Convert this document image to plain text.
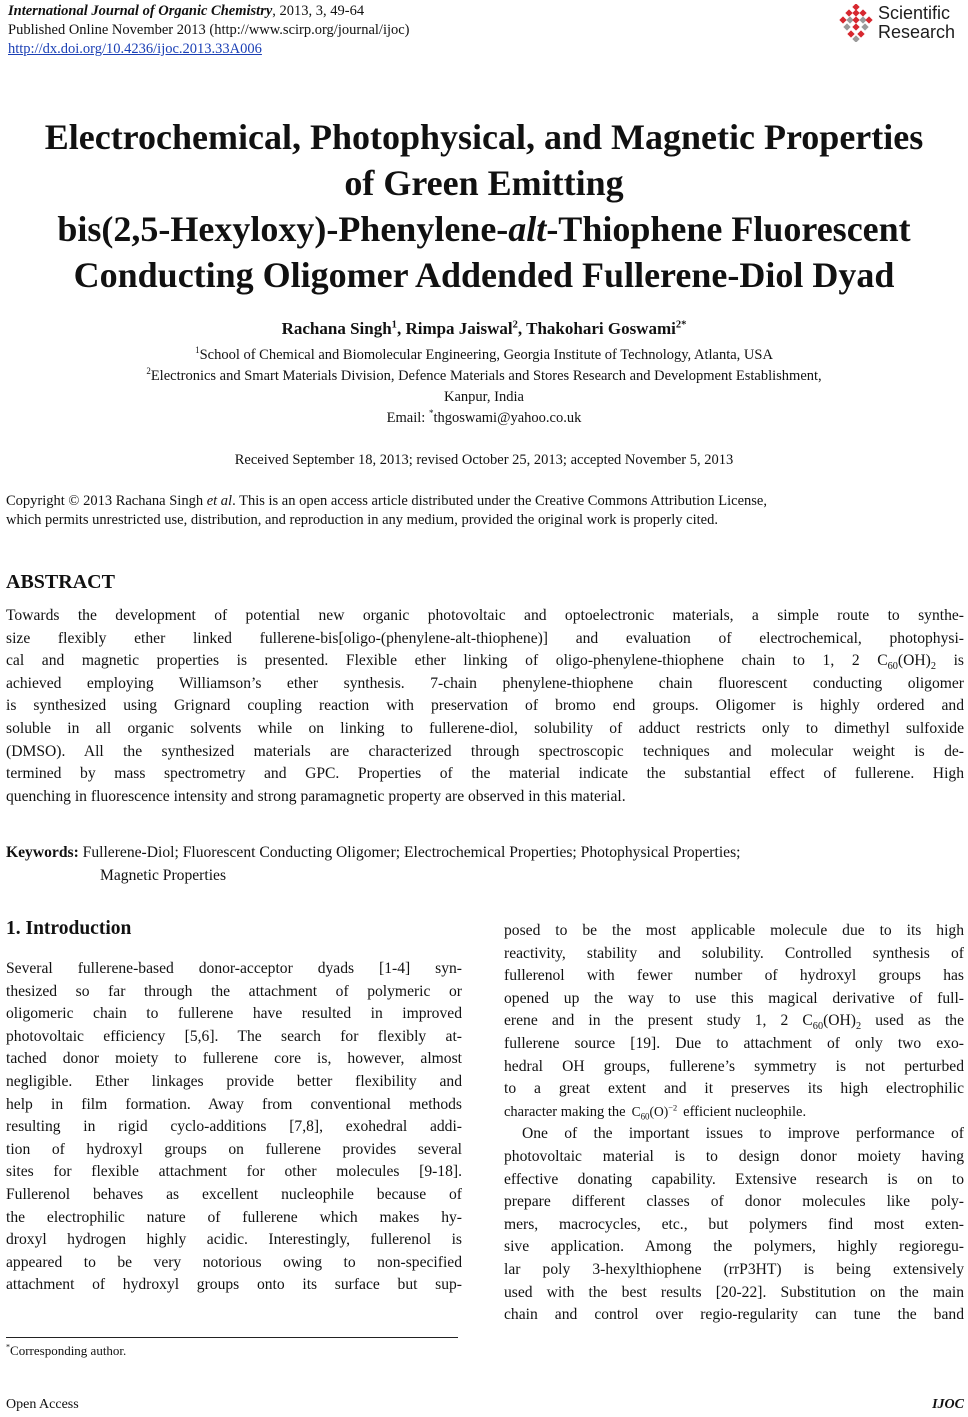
International Journal of Organic Chemistry, 2013, 3, 49-64
Published Online November 2013 (http://www.scirp.org/journal/ijoc)
http://dx.doi.org/10.4236/ijoc.2013.33A006
Scientific
Research
Electrochemical, Photophysical, and Magnetic Properties
of Green Emitting
bis(2,5-Hexyloxy)-Phenylene-alt-Thiophene Fluorescent
Conducting Oligomer Addended Fullerene-Diol Dyad
Rachana Singh$^1$, Rimpa Jaiswal$^2$, Thakohari Goswami$^{2*}$
$^1$School of Chemical and Biomolecular Engineering, Georgia Institute of Technology, Atlanta, USA
$^2$Electronics and Smart Materials Division, Defence Materials and Stores Research and Development Establishment,
Kanpur, India
Email: *thgoswami@yahoo.co.uk
Received September 18, 2013; revised October 25, 2013; accepted November 5, 2013
Copyright © 2013 Rachana Singh et al. This is an open access article distributed under the Creative Commons Attribution License,
which permits unrestricted use, distribution, and reproduction in any medium, provided the original work is properly cited.
ABSTRACT
Towards the development of potential new organic photovoltaic and optoelectronic materials, a simple route to synthe-
size flexibly ether linked fullerene-bis[oligo-(phenylene-alt-thiophene)] and evaluation of electrochemical, photophysi-
cal and magnetic properties is presented. Flexible ether linking of oligo-phenylene-thiophene chain to 1, 2 $C_{60}(OH)_2$ is
achieved employing Williamson’s ether synthesis. 7-chain phenylene-thiophene chain fluorescent conducting oligomer
is synthesized using Grignard coupling reaction with preservation of bromo end groups. Oligomer is highly ordered and
soluble in all organic solvents while on linking to fullerene-diol, solubility of adduct restricts only to dimethyl sulfoxide
(DMSO). All the synthesized materials are characterized through spectroscopic techniques and molecular weight is de-
termined by mass spectrometry and GPC. Properties of the material indicate the substantial effect of fullerene. High
quenching in fluorescence intensity and strong paramagnetic property are observed in this material.
Keywords: Fullerene-Diol; Fluorescent Conducting Oligomer; Electrochemical Properties; Photophysical Properties;
Magnetic Properties
1. Introduction
Several fullerene-based donor-acceptor dyads [1-4] syn-
thesized so far through the attachment of polymeric or
oligomeric chain to fullerene have resulted in improved
photovoltaic efficiency [5,6]. The search for flexibly at-
tached donor moiety to fullerene core is, however, almost
negligible. Ether linkages provide better flexibility and
help in film formation. Away from conventional methods
resulting in rigid cyclo-additions [7,8], exohedral addi-
tion of hydroxyl groups on fullerene provides several
sites for flexible attachment for other molecules [9-18].
Fullerenol behaves as excellent nucleophile because of
the electrophilic nature of fullerene which makes hy-
droxyl hydrogen highly acidic. Interestingly, fullerenol is
appeared to be very notorious owing to non-specified
attachment of hydroxyl groups onto its surface but sup-
posed to be the most applicable molecule due to its high
reactivity, stability and solubility. Controlled synthesis of
fullerenol with fewer number of hydroxyl groups has
opened up the way to use this magical derivative of full-
erene and in the present study 1, 2 $C_{60}(OH)_2$ used as the
fullerene source [19]. Due to attachment of only two exo-
hedral OH groups, fullerene’s symmetry is not perturbed
to a great extent and it preserves its high electrophilic
character making the $C_{60}(O)^{-2}$ efficient nucleophile.
One of the important issues to improve performance of
photovoltaic material is to design donor moiety having
effective donating capability. Extensive research is on to
prepare different classes of donor molecules like poly-
mers, macrocycles, etc., but polymers find most exten-
sive application. Among the polymers, highly regioregu-
lar poly 3-hexylthiophene (rrP3HT) is being extensively
used with the best results [20-22]. Substitution on the main
chain and control over regio-regularity can tune the band
*Corresponding author.
Open Access	IJOC
